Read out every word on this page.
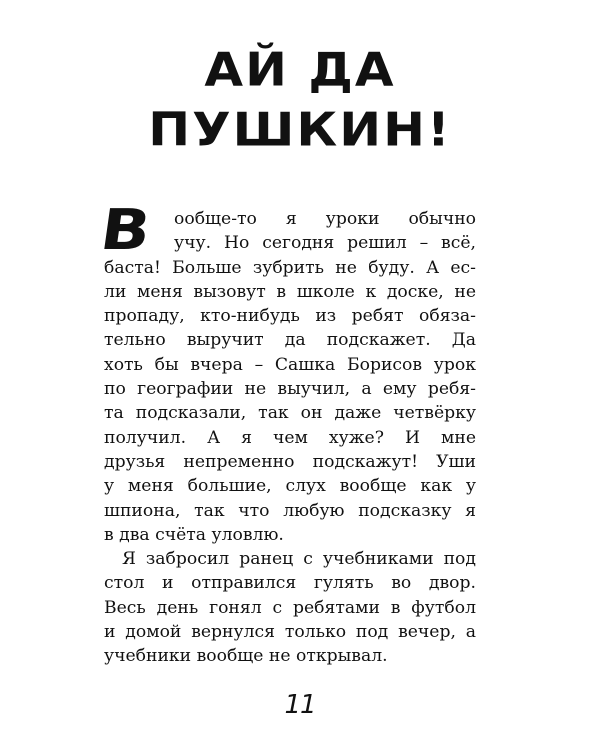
АЙ ДА
ПУШКИН!
В	ообще-то я уроки обычно
учу. Но сегодня решил – всё,
баста! Больше зубрить не буду. А ес-
ли меня вызовут в школе к доске, не
пропаду, кто-нибудь из ребят обяза-
тельно выручит да подскажет. Да
хоть бы вчера – Сашка Борисов урок
по географии не выучил, а ему ребя-
та подсказали, так он даже четвёрку
получил. А я чем хуже? И мне
друзья непременно подскажут! Уши
у меня большие, слух вообще как у
шпиона, так что любую подсказку я
в два счёта уловлю.
Я забросил ранец с учебниками под
стол и отправился гулять во двор.
Весь день гонял с ребятами в футбол
и домой вернулся только под вечер, а
учебники вообще не открывал.
11
